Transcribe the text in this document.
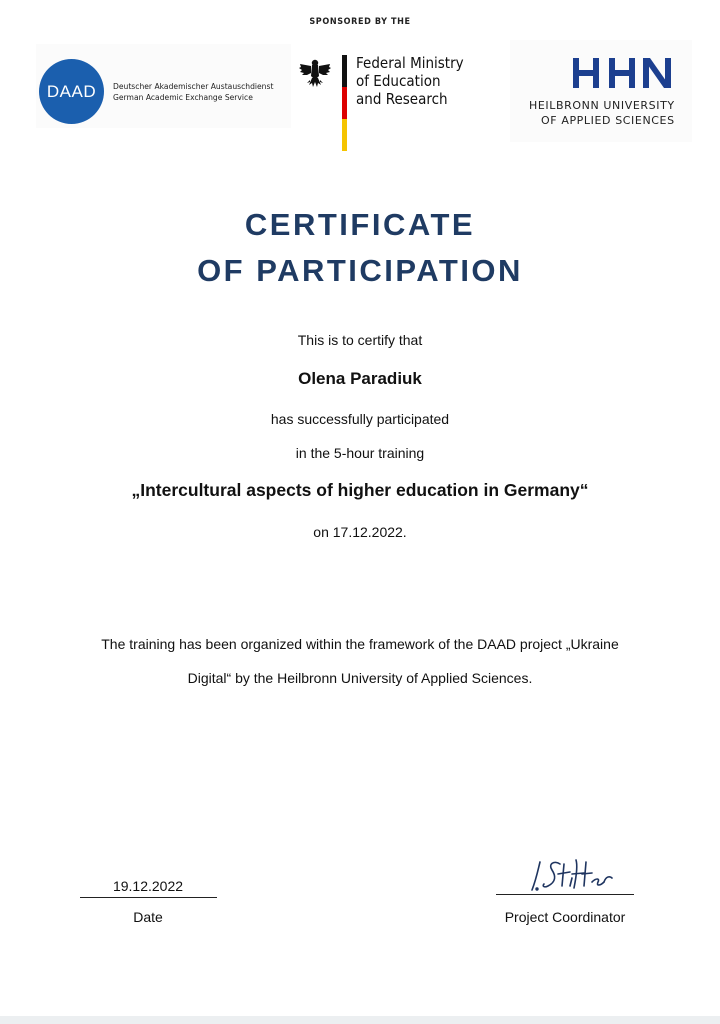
SPONSORED BY THE
DAAD	Deutscher Akademischer Austauschdienst
German Academic Exchange Service
Federal Ministry
of Education
and Research	HEILBRONN UNIVERSITY
OF APPLIED SCIENCES
CERTIFICATE
OF PARTICIPATION
This is to certify that
Olena Paradiuk
has successfully participated
in the 5-hour training
„Intercultural aspects of higher education in Germany“
on 17.12.2022.
The training has been organized within the framework of the DAAD project „Ukraine
Digital“ by the Heilbronn University of Applied Sciences.
19.12.2022
Date	Project Coordinator
